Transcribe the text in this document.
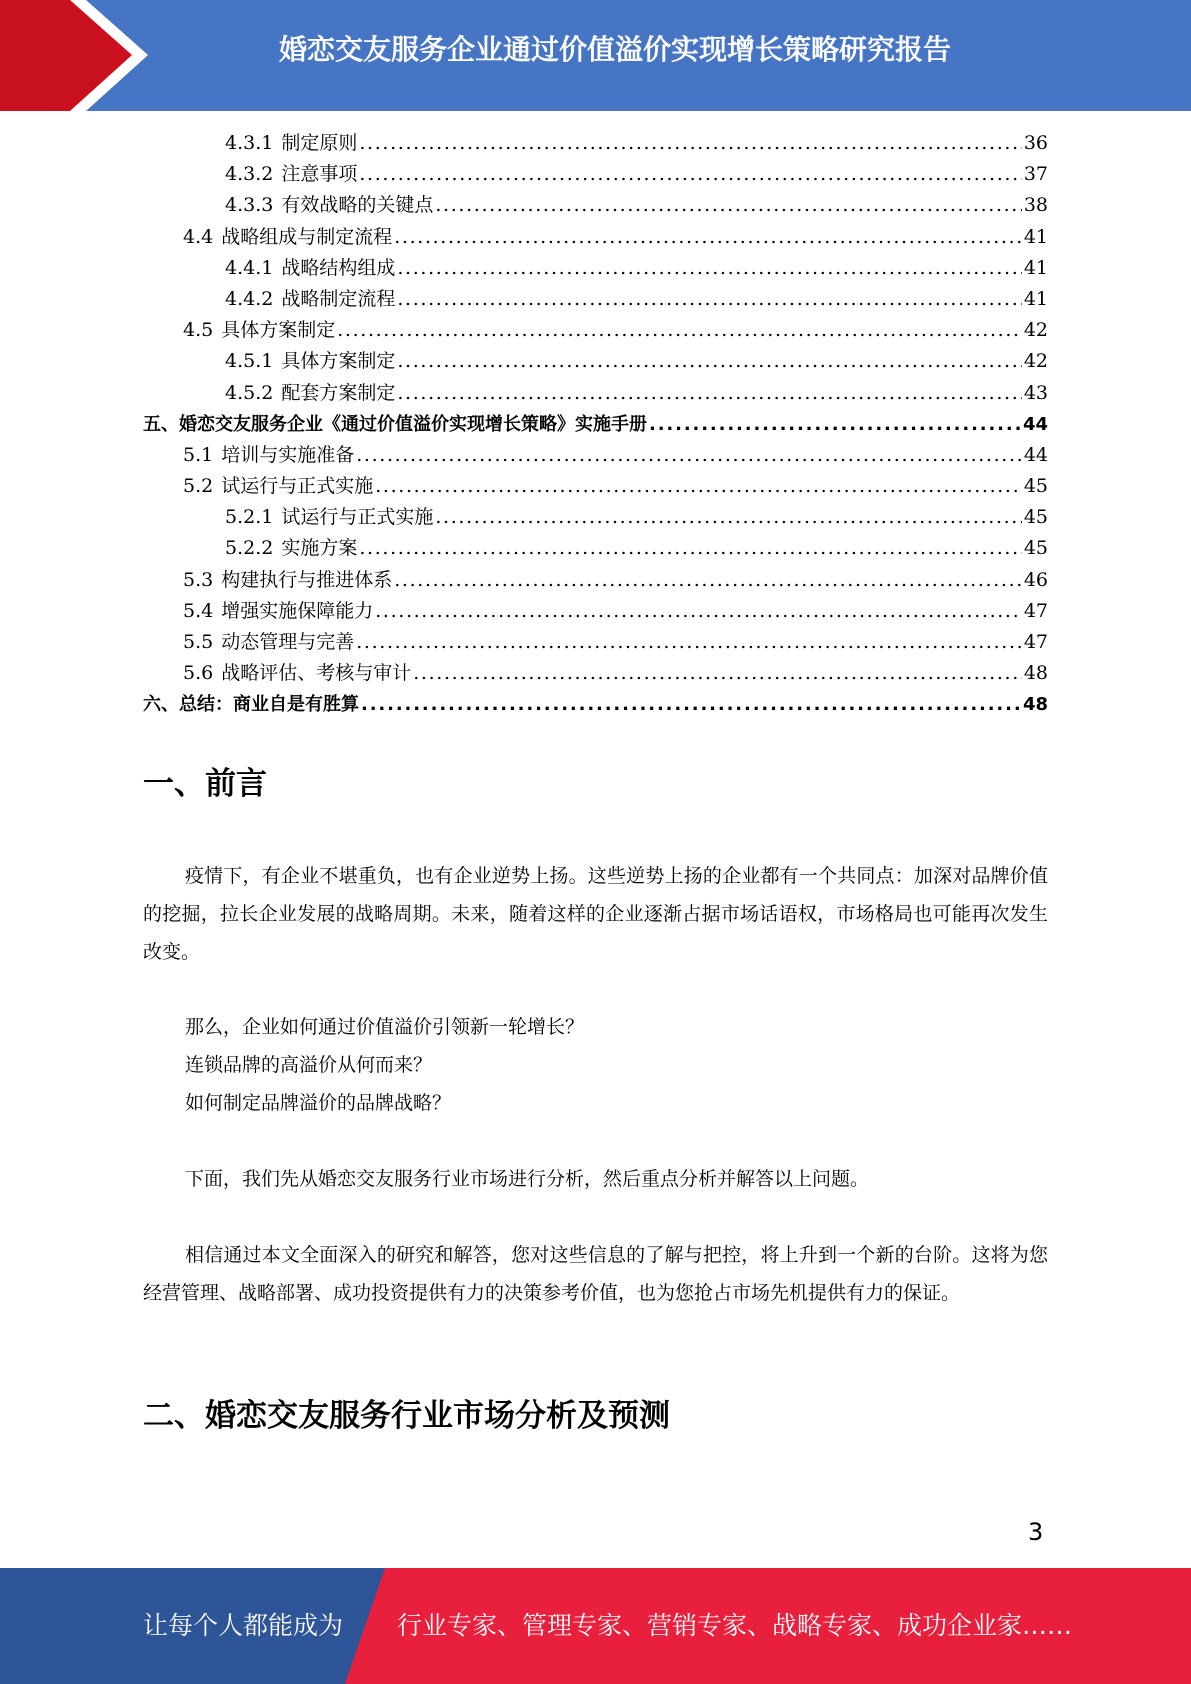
婚恋交友服务企业通过价值溢价实现增长策略研究报告
4.3.1 制定原则 . . .	36
4.3.2 注意事项 . . .	37
4.3.3 有效战略的关键点 . . .	38
4.4 战略组成与制定流程 . . .	41
4.4.1 战略结构组成 . . .	41
4.4.2 战略制定流程 . . .	41
4.5 具体方案制定 . . .	42
4.5.1 具体方案制定 . . .	42
4.5.2 配套方案制定 . . .	43
五、婚恋交友服务企业《通过价值溢价实现增长策略》实施手册 . . .	44
5.1 培训与实施准备 . . .	44
5.2 试运行与正式实施 . . .	45
5.2.1 试运行与正式实施 . . .	45
5.2.2 实施方案 . . .	45
5.3 构建执行与推进体系 . . .	46
5.4 增强实施保障能力 . . .	47
5.5 动态管理与完善 . . .	47
5.6 战略评估、考核与审计 . . .	48
六、总结：商业自是有胜算 . . .	48
一、前言
疫情下，有企业不堪重负，也有企业逆势上扬。这些逆势上扬的企业都有一个共同点：加深对品牌价值的挖掘，拉长企业发展的战略周期。未来，随着这样的企业逐渐占据市场话语权，市场格局也可能再次发生改变。
那么，企业如何通过价值溢价引领新一轮增长？
连锁品牌的高溢价从何而来？
如何制定品牌溢价的品牌战略？
下面，我们先从婚恋交友服务行业市场进行分析，然后重点分析并解答以上问题。
相信通过本文全面深入的研究和解答，您对这些信息的了解与把控，将上升到一个新的台阶。这将为您经营管理、战略部署、成功投资提供有力的决策参考价值，也为您抢占市场先机提供有力的保证。
二、婚恋交友服务行业市场分析及预测
3
让每个人都能成为 行业专家、管理专家、营销专家、战略专家、成功企业家……
